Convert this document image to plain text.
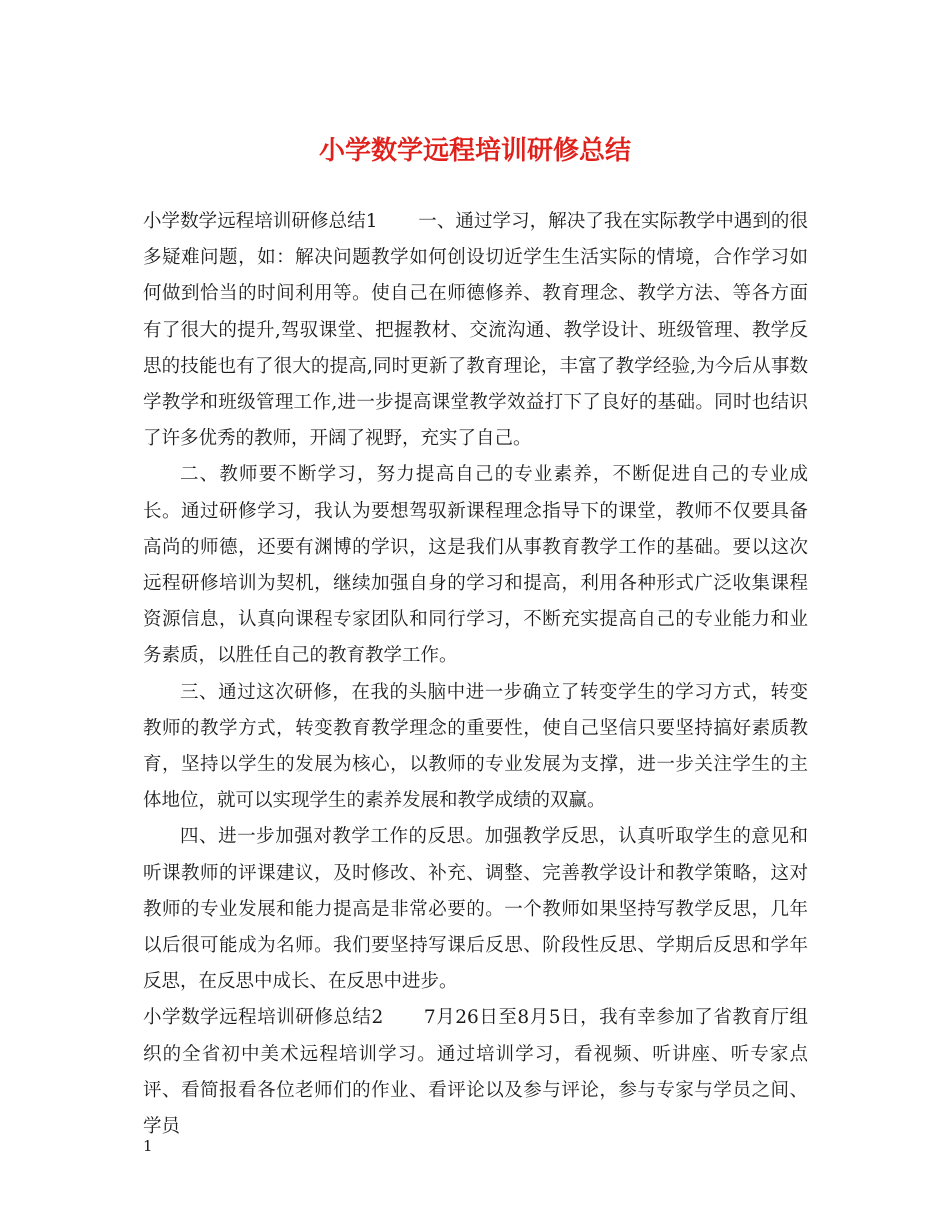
小学数学远程培训研修总结

小学数学远程培训研修总结1 一、通过学习，解决了我在实际教学中遇到的很多疑难问题，如：解决问题教学如何创设切近学生生活实际的情境，合作学习如何做到恰当的时间利用等。使自己在师德修养、教育理念、教学方法、等各方面有了很大的提升,驾驭课堂、把握教材、交流沟通、教学设计、班级管理、教学反思的技能也有了很大的提高,同时更新了教育理论，丰富了教学经验,为今后从事数学教学和班级管理工作,进一步提高课堂教学效益打下了良好的基础。同时也结识了许多优秀的教师，开阔了视野，充实了自己。

二、教师要不断学习，努力提高自己的专业素养，不断促进自己的专业成长。通过研修学习，我认为要想驾驭新课程理念指导下的课堂，教师不仅要具备高尚的师德，还要有渊博的学识，这是我们从事教育教学工作的基础。要以这次远程研修培训为契机，继续加强自身的学习和提高，利用各种形式广泛收集课程资源信息，认真向课程专家团队和同行学习，不断充实提高自己的专业能力和业务素质，以胜任自己的教育教学工作。

三、通过这次研修，在我的头脑中进一步确立了转变学生的学习方式，转变教师的教学方式，转变教育教学理念的重要性，使自己坚信只要坚持搞好素质教育，坚持以学生的发展为核心，以教师的专业发展为支撑，进一步关注学生的主体地位，就可以实现学生的素养发展和教学成绩的双赢。

四、进一步加强对教学工作的反思。加强教学反思，认真听取学生的意见和听课教师的评课建议，及时修改、补充、调整、完善教学设计和教学策略，这对教师的专业发展和能力提高是非常必要的。一个教师如果坚持写教学反思，几年以后很可能成为名师。我们要坚持写课后反思、阶段性反思、学期后反思和学年反思，在反思中成长、在反思中进步。

小学数学远程培训研修总结2 7月26日至8月5日，我有幸参加了省教育厅组织的全省初中美术远程培训学习。通过培训学习，看视频、听讲座、听专家点评、看简报看各位老师们的作业、看评论以及参与评论，参与专家与学员之间、学员

1
